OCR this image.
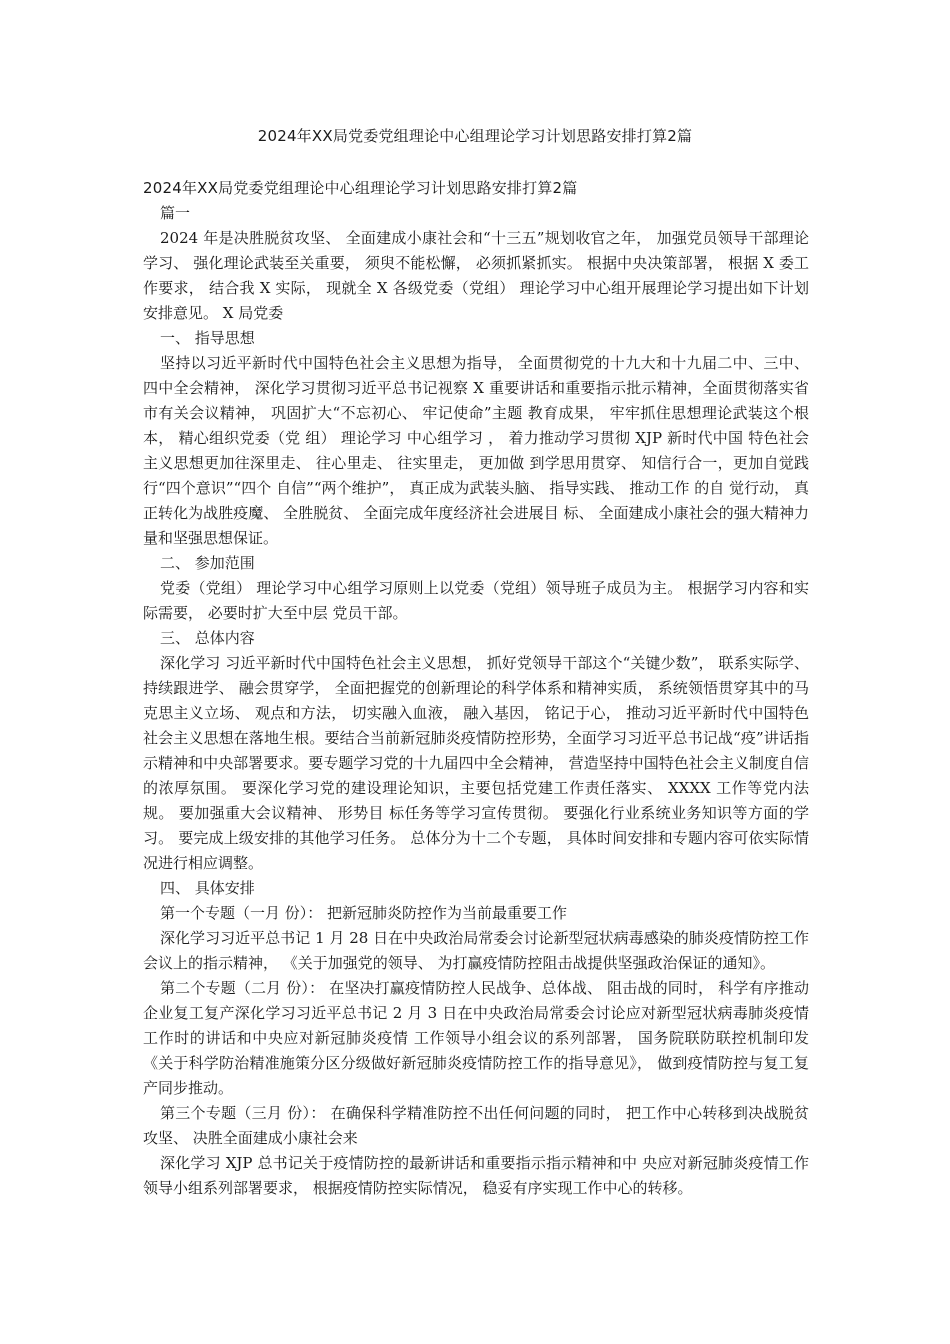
2024年XX局党委党组理论中心组理论学习计划思路安排打算2篇

2024年XX局党委党组理论中心组理论学习计划思路安排打算2篇

篇一

2024 年是决胜脱贫攻坚、 全面建成小康社会和“十三五”规划收官之年， 加强党员领导干部理论学习、 强化理论武装至关重要， 须臾不能松懈， 必须抓紧抓实。 根据中央决策部署， 根据 X 委工作要求， 结合我 X 实际， 现就全 X 各级党委（党组） 理论学习中心组开展理论学习提出如下计划安排意见。 X 局党委

一、 指导思想

坚持以习近平新时代中国特色社会主义思想为指导， 全面贯彻党的十九大和十九届二中、三中、 四中全会精神， 深化学习贯彻习近平总书记视察 X 重要讲话和重要指示批示精神，全面贯彻落实省市有关会议精神， 巩固扩大“不忘初心、 牢记使命”主题 教育成果， 牢牢抓住思想理论武装这个根本， 精心组织党委（党 组） 理论学习 中心组学习 ， 着力推动学习贯彻 XJP 新时代中国 特色社会主义思想更加往深里走、 往心里走、 往实里走， 更加做 到学思用贯穿、 知信行合一，更加自觉践行“四个意识”“四个 自信”“两个维护”， 真正成为武装头脑、 指导实践、 推动工作 的自 觉行动， 真正转化为战胜疫魔、 全胜脱贫、 全面完成年度经济社会进展目 标、 全面建成小康社会的强大精神力量和坚强思想保证。

二、 参加范围

党委（党组） 理论学习中心组学习原则上以党委（党组）领导班子成员为主。 根据学习内容和实际需要， 必要时扩大至中层 党员干部。

三、 总体内容

深化学习 习近平新时代中国特色社会主义思想， 抓好党领导干部这个“关键少数”， 联系实际学、 持续跟进学、 融会贯穿学， 全面把握党的创新理论的科学体系和精神实质， 系统领悟贯穿其中的马克思主义立场、 观点和方法， 切实融入血液， 融入基因， 铭记于心， 推动习近平新时代中国特色社会主义思想在落地生根。要结合当前新冠肺炎疫情防控形势，全面学习习近平总书记战“疫”讲话指示精神和中央部署要求。要专题学习党的十九届四中全会精神， 营造坚持中国特色社会主义制度自信的浓厚氛围。 要深化学习党的建设理论知识，主要包括党建工作责任落实、 XXXX 工作等党内法规。 要加强重大会议精神、 形势目 标任务等学习宣传贯彻。 要强化行业系统业务知识等方面的学习。 要完成上级安排的其他学习任务。 总体分为十二个专题， 具体时间安排和专题内容可依实际情况进行相应调整。

四、 具体安排

第一个专题（一月 份）： 把新冠肺炎防控作为当前最重要工作

深化学习习近平总书记 1 月 28 日在中央政治局常委会讨论新型冠状病毒感染的肺炎疫情防控工作会议上的指示精神， 《关于加强党的领导、 为打赢疫情防控阻击战提供坚强政治保证的通知》。

第二个专题（二月 份）： 在坚决打赢疫情防控人民战争、总体战、 阻击战的同时， 科学有序推动企业复工复产深化学习习近平总书记 2 月 3 日在中央政治局常委会讨论应对新型冠状病毒肺炎疫情工作时的讲话和中央应对新冠肺炎疫情 工作领导小组会议的系列部署， 国务院联防联控机制印发《关于科学防治精准施策分区分级做好新冠肺炎疫情防控工作的指导意见》， 做到疫情防控与复工复产同步推动。

第三个专题（三月 份）： 在确保科学精准防控不出任何问题的同时， 把工作中心转移到决战脱贫攻坚、 决胜全面建成小康社会来

深化学习 XJP 总书记关于疫情防控的最新讲话和重要指示指示精神和中 央应对新冠肺炎疫情工作领导小组系列部署要求， 根据疫情防控实际情况， 稳妥有序实现工作中心的转移。
